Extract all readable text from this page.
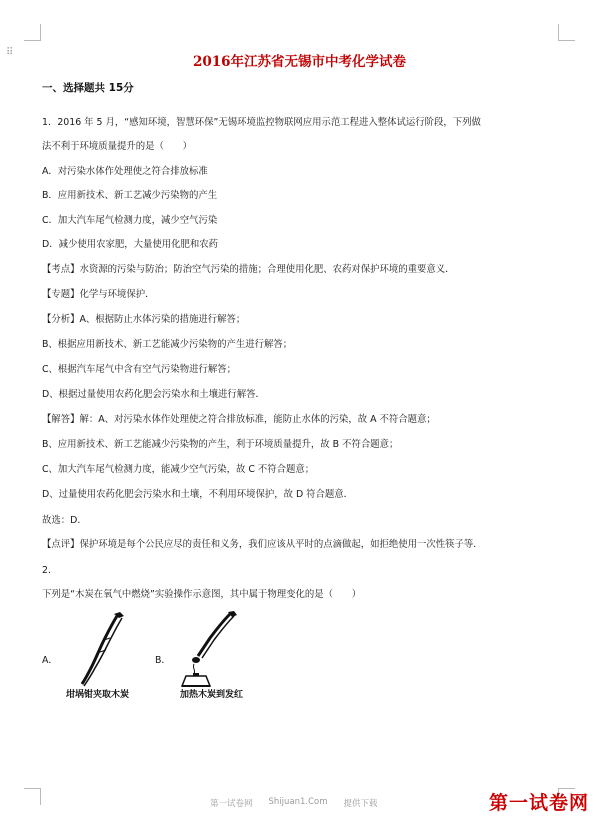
⠿
2016年江苏省无锡市中考化学试卷
一、选择题共 15分
1．2016 年 5 月，“感知环境，智慧环保”无锡环境监控物联网应用示范工程进入整体试运行阶段，下列做
法不利于环境质量提升的是（　　）
A．对污染水体作处理使之符合排放标准
B．应用新技术、新工艺减少污染物的产生
C．加大汽车尾气检测力度，减少空气污染
D．减少使用农家肥，大量使用化肥和农药
【考点】水资源的污染与防治；防治空气污染的措施；合理使用化肥、农药对保护环境的重要意义．
【专题】化学与环境保护．
【分析】A、根据防止水体污染的措施进行解答；
B、根据应用新技术、新工艺能减少污染物的产生进行解答；
C、根据汽车尾气中含有空气污染物进行解答；
D、根据过量使用农药化肥会污染水和土壤进行解答．
【解答】解：A、对污染水体作处理使之符合排放标准，能防止水体的污染，故 A 不符合题意；
B、应用新技术、新工艺能减少污染物的产生，利于环境质量提升，故 B 不符合题意；
C、加大汽车尾气检测力度，能减少空气污染，故 C 不符合题意；
D、过量使用农药化肥会污染水和土壤，不利用环境保护，故 D 符合题意．
故选：D．
【点评】保护环境是每个公民应尽的责任和义务，我们应该从平时的点滴做起，如拒绝使用一次性筷子等．
2．
下列是“木炭在氧气中燃烧”实验操作示意图，其中属于物理变化的是（　　）
A．
坩埚钳夹取木炭
B．
加热木炭到发红
第一试卷网 Shijuan1.Com 提供下载	第一试卷网
